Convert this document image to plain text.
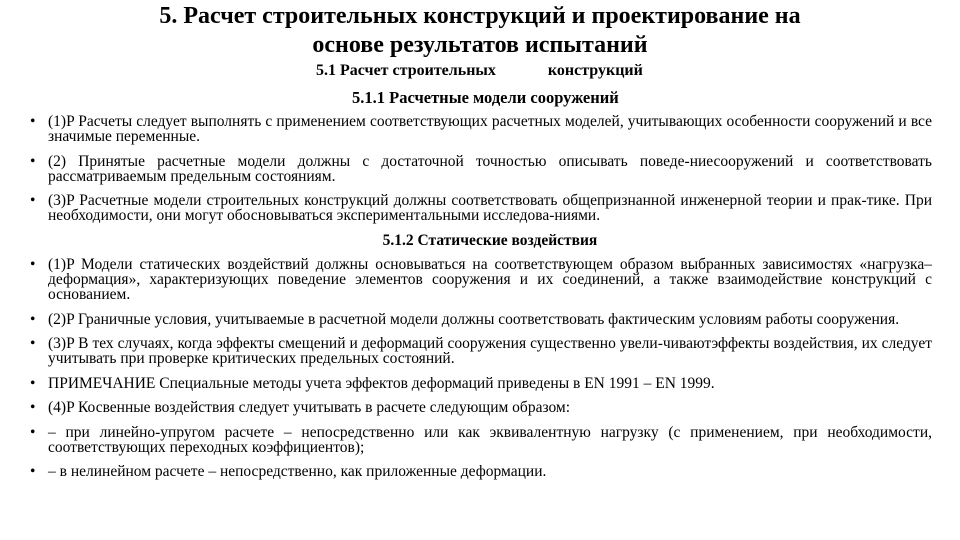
5. Расчет строительных конструкций и проектирование на
основе результатов испытаний
5.1 Расчет строительных	конструкций
5.1.1 Расчетные модели сооружений
• (1)P Расчеты следует выполнять с применением соответствующих расчетных моделей, учитывающих особенности сооружений и все значимые переменные.
• (2) Принятые расчетные модели должны с достаточной точностью описывать поведе-ниесооружений и соответствовать рассматриваемым предельным состояниям.
• (3)P Расчетные модели строительных конструкций должны соответствовать общепризнанной инженерной теории и прак-тике. При необходимости, они могут обосновываться экспериментальными исследова-ниями.
5.1.2 Статические воздействия
• (1)P Модели статических воздействий должны основываться на соответствующем образом выбранных зависимостях «нагрузка–деформация», характеризующих поведение элементов сооружения и их соединений, а также взаимодействие конструкций с основанием.
• (2)P Граничные условия, учитываемые в расчетной модели должны соответствовать фактическим условиям работы сооружения.
• (3)P В тех случаях, когда эффекты смещений и деформаций сооружения существенно увели-чиваютэффекты воздействия, их следует учитывать при проверке критических предельных состояний.
• ПРИМЕЧАНИЕ Специальные методы учета эффектов деформаций приведены в EN 1991 – EN 1999.
• (4)P Косвенные воздействия следует учитывать в расчете следующим образом:
• – при линейно-упругом расчете – непосредственно или как эквивалентную нагрузку (с применением, при необходимости, соответствующих переходных коэффициентов);
• – в нелинейном расчете – непосредственно, как приложенные деформации.
